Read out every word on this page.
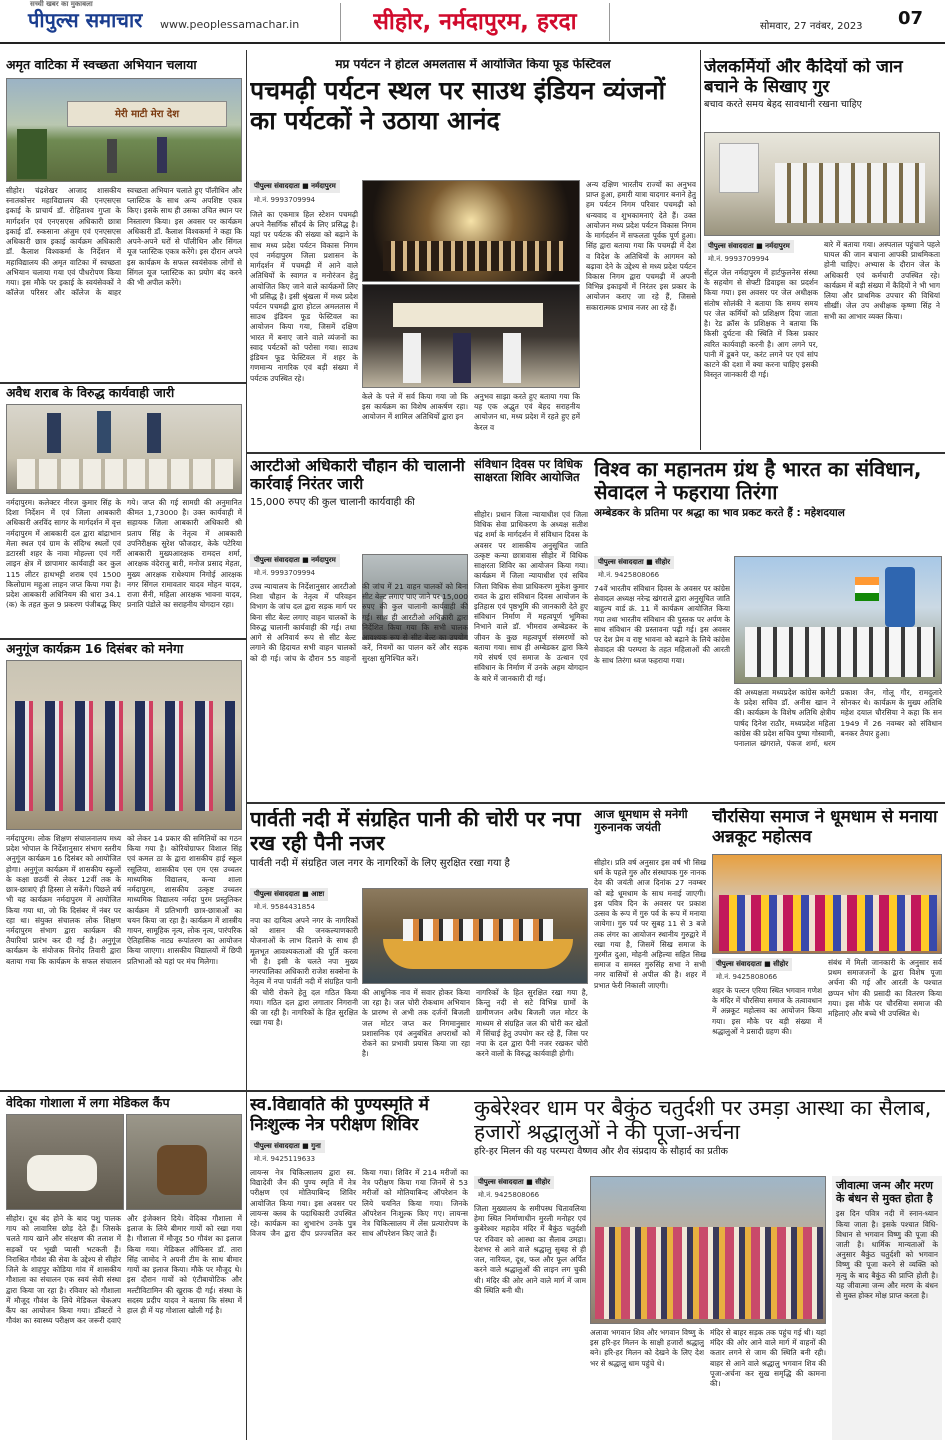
सच्ची खबर का मुकाबला
पीपुल्स समाचार www.peoplessamachar.in	सीहोर, नर्मदापुरम, हरदा	सोमवार, 27 नवंबर, 2023 07
अमृत वाटिका में स्वच्छता अभियान चलाया
मेरी माटी मेरा देश
सीहोर। चंद्रशेखर आजाद शासकीय स्नातकोत्तर महाविद्यालय की एनएसएस इकाई के प्राचार्य डॉ. रोहिताश्व गुप्ता के मार्गदर्शन एवं एनएसएस अधिकारी छात्रा इकाई डॉ. रुकसाना अंजुम एवं एनएसएस अधिकारी छात्र इकाई कार्यक्रम अधिकारी डॉ. कैलाश विश्वकर्मा के निर्देशन में महाविद्यालय की अमृत वाटिका में स्वच्छता अभियान चलाया गया एवं पौधरोपण किया गया। इस मौके पर इकाई के स्वयंसेवकों ने कॉलेज परिसर और कॉलेज के बाहर स्वच्छता अभियान चलाते हुए पॉलीथिन और प्लास्टिक के साथ अन्य अपशिष्ट एकत्र किए। इसके साथ ही उसका उचित स्थान पर निस्तारण किया। इस अवसर पर कार्यक्रम अधिकारी डॉ. कैलाश विश्वकर्मा ने कहा कि अपने-अपने घरों से पॉलीथिन और सिंगल यूज प्लास्टिक एकत्र करेंगे। इस दौरान अपने इस कार्यक्रम के सफल स्वयंसेवक लोगों से सिंगल यूज प्लास्टिक का प्रयोग बंद करने की भी अपील करेंगे।
अवैध शराब के विरुद्ध कार्यवाही जारी
नर्मदापुरम। कलेक्टर नीरज कुमार सिंह के दिशा निर्देशन में एवं जिला आबकारी अधिकारी अरविंद सागर के मार्गदर्शन में वृत्त नर्मदापुरम में आबकारी दल द्वारा बांद्राभान मेला स्थल एवं ग्राम के संदिग्ध स्थलों एवं डटारसी शहर के नावा मोहल्ला एवं गर्री लाइन क्षेत्र में छापामार कार्यवाही कर कुल 115 लीटर हाथभट्टी शराब एवं 1500 किलोग्राम महुआ लाहन जप्त किया गया है। प्रदेश आबकारी अधिनियम की धारा 34.1 (क) के तहत कुल 9 प्रकरण पंजीबद्ध किए गये। जप्त की गई सामग्री की अनुमानित कीमत 1,73000 है। उक्त कार्यवाही में सहायक जिला आबकारी अधिकारी श्री प्रताप सिंह के नेतृत्व में आबकारी उपनिरीक्षक सुरेश फौजदार, केके पटेरिया आबकारी मुख्यआरक्षक रामदत्त शर्मा, आरक्षक वंदेराजु बारी, मनोज प्रसाद मेहता, मुख्य आरक्षक राधेश्याम निगोई आरक्षक नगर सिंगल रामावतार यादव मोहन यादव, राजा सैनी, महिला आरक्षक भावना यादव, प्रनाति पंडोले का सराहनीय योगदान रहा।
अनुगूंज कार्यक्रम 16 दिसंबर को मनेगा
नर्मदापुरम। लोक शिक्षण संचालनालय मध्य प्रदेश भोपाल के निर्देशानुसार संभाग स्तरीय अनुगूंज कार्यक्रम 16 दिसंबर को आयोजित होगा। अनुगूंज कार्यक्रम में शासकीय स्कूलों के कक्षा छठवीं से लेकर 12वीं तक के छात्र-छात्राएं ही हिस्सा ले सकेंगे। पिछले वर्ष भी यह कार्यक्रम नर्मदापुरम में आयोजित किया गया था, जो कि दिसंबर में नंबर पर रहा था। संयुक्त संचालक लोक शिक्षण नर्मदापुरम संभाग द्वारा कार्यक्रम की तैयारियां प्रारंभ कर दी गई है। अनुगूंज कार्यक्रम के संयोजक विनोद तिवारी द्वारा बताया गया कि कार्यक्रम के सफल संचालन को लेकर 14 प्रकार की समितियों का गठन किया गया है। कोरियोग्राफर विशाल सिंह एवं कमल ठा के द्वारा शासकीय हाई स्कूल रसूलिया, शासकीय एस एम एस उच्चतर माध्यमिक विद्यालय, कन्या शाला नर्मदापुरम, शासकीय उत्कृष्ट उच्चतर माध्यमिक विद्यालय नर्मदा पुरम प्रस्तुतिकर कार्यक्रम में प्रतिभागी छात्र-छात्राओं का चयन किया जा रहा है। कार्यक्रम में शास्त्रीय गायन, सामूहिक नृत्य, लोक नृत्य, पारंपरिक ऐतिहासिक नाट्य रूपांतरण का आयोजन किया जाएगा। शासकीय विद्यालयों में छिपी प्रतिभाओं को यहां पर मंच मिलेगा।
वेदिका गोशाला में लगा मेडिकल कैंप
सीहोर। दूध बंद होने के बाद पशु पालक गाय को लावारिस छोड़ देते हैं। जिसके चलते गाय खाने और संरक्षण की तलाश में सड़कों पर भूखी प्यासी भटकती हैं। निराश्रित गौवंश की सेवा के उद्देश्य से सीहोर जिले के शाहपुर कोडिया गांव में शासकीय गौशाला का संचालन एक स्वयं सेवी संस्था द्वारा किया जा रहा है। रविवार को गौशाला में मौजूद गौवंश के लिये मेडिकल चेकअप कैंप का आयोजन किया गया। डॉक्टरों ने गौवंश का स्वास्थ्य परीक्षण कर जरूरी दवाएं और इंजेक्शन दिये। वेदिका गौशाला में इलाज के लिये बीमार गायों को रखा गया है। गौशाला में मौजूद 50 गौवंश का इलाज किया गया। मेडिकल ऑफिसर डॉ. तारा सिंह जामोद ने अपनी टीम के साथ बीमार गायों का इलाज किया। मौके पर मौजूद थे। इस दौरान गायों को एंटीबायोटिक और मल्टीविटामिन की खुराक दी गई। संस्था के सदस्य प्रदीप यादव ने बताया कि संस्था में हाल ही में यह गोशाला खोली गई है।
मप्र पर्यटन ने होटल अमलतास में आयोजित किया फूड फेस्टिवल
पचमढ़ी पर्यटन स्थल पर साउथ इंडियन व्यंजनों का पर्यटकों ने उठाया आनंद
पीपुल्स संवाददाता ■ नर्मदापुरम
मो.नं. 9993709994
जिले का एकमात्र हिल स्टेशन पचमढ़ी अपने नैसर्गिक सौंदर्य के लिए प्रसिद्ध है। यहां पर पर्यटक की संख्या को बढ़ाने के साथ मध्य प्रदेश पर्यटन विकास निगम एवं नर्मदापुरम जिला प्रशासन के मार्गदर्शन में पचमढ़ी में आने वाले अतिथियों के स्वागत व मनोरंजन हेतु आयोजित किए जाने वाले कार्यक्रमों लिए भी प्रसिद्ध है। इसी श्रृंखला में मध्य प्रदेश पर्यटन पचमढ़ी द्वारा होटल अमलतास में साउथ इंडियन फूड फेस्टिवल का आयोजन किया गया, जिसमें दक्षिण भारत में बनाए जाने वाले व्यंजनों का स्वाद पर्यटकों को परोसा गया। साउथ इंडियन फूड फेस्टिवल में शहर के गणमान्य नागरिक एवं बड़ी संख्या में पर्यटक उपस्थित रहे।
केले के पत्ते में सर्व किया गया जो कि इस कार्यक्रम का विशेष आकर्षण रहा। आयोजन में शामिल अतिथियों द्वारा इन
अनुभव साझा करते हुए बताया गया कि यह एक अद्भुत एवं बेहद सराहनीय आयोजन था, मध्य प्रदेश में रहते हुए हमें केरल व
अन्य दक्षिण भारतीय राज्यों का अनुभव प्राप्त हुआ, हमारी यात्रा यादगार बनाने हेतु हम पर्यटन निगम परिवार पचमढ़ी को धन्यवाद व शुभकामनाएं देते हैं। उक्त आयोजन मध्य प्रदेश पर्यटन विकास निगम के मार्गदर्शन में सफलता पूर्वक पूर्ण हुआ। सिंह द्वारा बताया गया कि पचमढ़ी में देश व विदेश के अतिथियों के आगमन को बढ़ावा देने के उद्देश्य से मध्य प्रदेश पर्यटन विकास निगम द्वारा पचमढ़ी में अपनी विभिन्न इकाइयों में निरंतर इस प्रकार के आयोजन कराए जा रहे हैं, जिससे सकारात्मक प्रभाव नजर आ रहे हैं।
जेलकर्मियों और कैदियों को जान बचाने के सिखाए गुर
बचाव करते समय बेहद सावधानी रखना चाहिए
पीपुल्स संवाददाता ■ नर्मदापुरम
मो.नं. 9993709994
सेंट्रल जेल नर्मदापुरम में हार्टफुलनेस संस्था के सहयोग से सेफ्टी डिवाइस का प्रदर्शन किया गया। इस अवसर पर जेल अधीक्षक संतोष सोलंकी ने बताया कि समय समय पर जेल कर्मियों को प्रशिक्षण दिया जाता है। रेड क्रॉस के प्रशिक्षक ने बताया कि किसी दुर्घटना की स्थिति में किस प्रकार त्वरित कार्यवाही करनी है। आग लगने पर, पानी में डूबने पर, करंट लगने पर एवं सांप काटने की दशा में क्या करना चाहिए इसकी विस्तृत जानकारी दी गई।
बारे में बताया गया। अस्पताल पहुंचाने पहले घायल की जान बचाना आपकी प्राथमिकता होनी चाहिए। अभ्यास के दौरान जेल के अधिकारी एवं कर्मचारी उपस्थित रहे। कार्यक्रम में बड़ी संख्या में कैदियों ने भी भाग लिया और प्राथमिक उपचार की विधियां सीखीं। जेल उप अधीक्षक कृष्णा सिंह ने सभी का आभार व्यक्त किया।
आरटीओ अधिकारी चौहान की चालानी कार्रवाई निरंतर जारी
15,000 रुपए की कुल चालानी कार्यवाही की
पीपुल्स संवाददाता ■ नर्मदापुरम
मो.नं. 9993709994
उच्च न्यायालय के निर्देशानुसार आरटीओ निशा चौहान के नेतृत्व में परिवहन विभाग के जांच दल द्वारा सड़क मार्ग पर बिना सीट बेल्ट लगाए वाहन चालकों के विरुद्ध चालानी कार्यवाही की गई। तथा आगे से अनिवार्य रूप से सीट बेल्ट लगाने की हिदायत सभी वाहन चालकों को दी गई। जांच के दौरान 55 वाहनों की जांच में 21 वाहन चालकों को बिना सीट बेल्ट लगाए पाए जाने पर 15,000 रुपए की कुल चालानी कार्यवाही की गई। साथ ही आरटीओ अधिकारी द्वारा निर्देशित किया गया कि सभी चालक आवश्यक रूप से सीट बेल्ट का उपयोग करें, नियमों का पालन करें और सड़क सुरक्षा सुनिश्चित करें।
संविधान दिवस पर विधिक साक्षरता शिविर आयोजित
सीहोर। प्रधान जिला न्यायाधीश एवं जिला विधिक सेवा प्राधिकरण के अध्यक्ष सतीश चंद्र शर्मा के मार्गदर्शन में संविधान दिवस के अवसर पर शासकीय अनुसूचित जाति उत्कृष्ट कन्या छात्रावास सीहोर में विधिक साक्षरता शिविर का आयोजन किया गया। कार्यक्रम में जिला न्यायाधीश एवं सचिव जिला विधिक सेवा प्राधिकरण मुकेश कुमार रावत के द्वारा संविधान दिवस आयोजन के इतिहास एवं पृष्ठभूमि की जानकारी देते हुए संविधान निर्माण में महत्वपूर्ण भूमिका निभाने वाले डॉ. भीमराव अम्बेडकर के जीवन के कुछ महत्वपूर्ण संस्मरणों को बताया गया। साथ ही अम्बेडकर द्वारा किये गये संघर्ष एवं समाज के उत्थान एवं संविधान के निर्माण में उनके अहम योगदान के बारे में जानकारी दी गई।
विश्व का महानतम ग्रंथ है भारत का संविधान, सेवादल ने फहराया तिरंगा
अम्बेडकर के प्रतिमा पर श्रद्धा का भाव प्रकट करते हैं : महेशदयाल
पीपुल्स संवाददाता ■ सीहोर
मो.नं. 9425808066
74वें भारतीय संविधान दिवस के अवसर पर कांग्रेस सेवादल अध्यक्ष नरेन्द्र खंगराले द्वारा अनुसूचित जाति बाहुल्य वार्ड क्रं. 11 में कार्यक्रम आयोजित किया गया तथा भारतीय संविधान की पुस्तक पर अर्पण के साथ संविधान की प्रस्तावना पढ़ी गई। इस अवसर पर देश प्रेम व राष्ट्र भावना को बढ़ाने के लिये कांग्रेस सेवादल की परम्परा के तहत महिलाओं की आरती के साथ तिरंगा ध्वज फहराया गया।
की अध्यक्षता मध्यप्रदेश कांग्रेस कमेटी के प्रदेश सचिव डॉ. अनीस खान ने की। कार्यक्रम के विशेष अतिथि क्षेत्रीय पार्षद दिनेश राठौर, मध्यप्रदेश महिला कांग्रेस की प्रदेश सचिव पुष्पा गोस्वामी, पनालाल खंगराले, पंकज शर्मा, धरम प्रकाश जैन, गोलू गौर, रामदुलारे सोनकर थे। कार्यक्रम के मुख्य अतिथि महेश दयाल चौरसिया ने कहा कि सन 1949 में 26 नवम्बर को संविधान बनकर तैयार हुआ।
पार्वती नदी में संग्रहित पानी की चोरी पर नपा रख रही पैनी नजर
पार्वती नदी में संग्रहित जल नगर के नागरिकों के लिए सुरक्षित रखा गया है
पीपुल्स संवाददाता ■ आष्टा
मो.नं. 9584431854
नपा का दायित्व अपने नगर के नागरिकों को शासन की जनकल्याणकारी योजनाओं के लाभ दिलाने के साथ ही मूलभूत आवश्यकताओं की पूर्ति करना भी है। इसी के चलते नपा मुख्य नगरपालिका अधिकारी राजेश सक्सेना के नेतृत्व में नपा पार्वती नदी में संग्रहित पानी की चोरी रोकने हेतु दल गठित किया गया। गठित दल द्वारा लगातार निगरानी की जा रही है। नागरिकों के हित सुरक्षित रखा गया है।
की आधुनिक नाव में सवार होकर किया जा रहा है। जल चोरी रोकथाम अभियान के प्रारम्भ से अभी तक दर्जनों बिजली जल मोटर जप्त कर निगमानुसार प्रशासनिक एवं अनुबंधित अपराधों को रोकने का प्रभावी प्रयास किया जा रहा है।
नागरिकों के हित सुरक्षित रखा गया है, किन्तु नदी से सटे विभिन्न ग्रामों के ग्रामीणजन अवैध बिजली जल मोटर के माध्यम से संग्रहित जल की चोरी कर खेतों में सिंचाई हेतु उपयोग कर रहे हैं, जिस पर नपा के दल द्वारा पैनी नजर रखकर चोरी करने वालों के विरुद्ध कार्यवाही होगी।
आज धूमधाम से मनेगी गुरुनानक जयंती
सीहोर। प्रति वर्ष अनुसार इस वर्ष भी सिख धर्म के पहले गुरु और संस्थापक गुरु नानक देव की जयंती आज दिनांक 27 नवम्बर को बड़े धूमधाम के साथ मनाई जाएगी। इस पवित्र दिन के अवसर पर प्रकाश उत्सव के रूप में गुरु पर्व के रूप में मनाया जायेगा। गुरु पर्व पर सुबह 11 से 3 बजे तक लंगर का आयोजन स्थानीय गुरुद्वारे में रखा गया है, जिसमें सिख समाज के गुरमीत दुआ, मोहनी अहिल्या सहित सिख समाज व समस्त गुरुसिंह सभा ने सभी नगर वासियों से अपील की है। शहर में प्रभात फेरी निकाली जाएगी।
चौरसिया समाज ने धूमधाम से मनाया अन्नकूट महोत्सव
पीपुल्स संवाददाता ■ सीहोर
मो.नं. 9425808066
शहर के पल्टन एरिया स्थित भगवान गणेश के मंदिर में चौरसिया समाज के तत्वावधान में अन्नकूट महोत्सव का आयोजन किया गया। इस मौके पर बड़ी संख्या में श्रद्धालुओं ने प्रसादी ग्रहण की।
संबंध में मिली जानकारी के अनुसार सर्व प्रथम समाजजनों के द्वारा विशेष पूजा अर्चना की गई और आरती के पश्चात छप्पन भोग की प्रसादी का वितरण किया गया। इस मौके पर चौरसिया समाज की महिलाएं और बच्चे भी उपस्थित थे।
स्व.विद्यावति की पुण्यस्मृति में निःशुल्क नेत्र परीक्षण शिविर
पीपुल्स संवाददाता ■ गुना
मो.नं. 9425119633
लायन्स नेत्र चिकित्सालय द्वारा स्व. विद्यादेवी जैन की पुण्य स्मृति में नेत्र परीक्षण एवं मोतियाबिन्द शिविर आयोजित किया गया। इस अवसर पर लायन्स क्लब के पदाधिकारी उपस्थित रहे। कार्यक्रम का शुभारंभ उनके पुत्र विजय जैन द्वारा दीप प्रज्ज्वलित कर किया गया। शिविर में 214 मरीजों का नेत्र परीक्षण किया गया जिनमें से 53 मरीजों को मोतियाबिन्द ऑपरेशन के लिये चयनित किया गया। जिनके ऑपरेशन निःशुल्क किए गए। लायन्स नेत्र चिकित्सालय में लेंस प्रत्यारोपण के साथ ऑपरेशन किए जाते हैं।
कुबेरेश्वर धाम पर बैकुंठ चतुर्दशी पर उमड़ा आस्था का सैलाब, हजारों श्रद्धालुओं ने की पूजा-अर्चना
हरि-हर मिलन की यह परम्परा वैष्णव और शैव संप्रदाय के सौहार्द का प्रतीक
पीपुल्स संवाददाता ■ सीहोर
मो.नं. 9425808066
जिला मुख्यालय के समीपस्थ चितावलिया हेमा स्थित निर्माणाधीन मुरली मनोहर एवं कुबेरेश्वर महादेव मंदिर में बैकुंठ चतुर्दशी पर रविवार को आस्था का सैलाब उमड़ा। देशभर से आने वाले श्रद्धालु सुबह से ही जल, नारियल, दूध, फल और फूल अर्पित करने वाले श्रद्धालुओं की लाइन लग चुकी थी। मंदिर की ओर आने वाले मार्ग में जाम की स्थिति बनी थी।
अलावा भगवान शिव और भगवान विष्णु के इस हरि-हर मिलन के साक्षी हजारों श्रद्धालु बने। हरि-हर मिलन को देखने के लिए देश भर से श्रद्धालु धाम पहुंचे थे।
मंदिर से बाहर सड़क तक पहुंच गई थी। यहां मंदिर की ओर आने वाले मार्ग में वाहनों की कतार लगने से जाम की स्थिति बनी रही। बाहर से आने वाले श्रद्धालु भगवान शिव की पूजा-अर्चना कर सुख समृद्धि की कामना की।
जीवात्मा जन्म और मरण के बंधन से मुक्त होता है
इस दिन पवित्र नदी में स्नान-ध्यान किया जाता है। इसके पश्चात विधि-विधान से भगवान विष्णु की पूजा की जाती है। धार्मिक मान्यताओं के अनुसार बैकुंठ चतुर्दशी को भगवान विष्णु की पूजा करने से व्यक्ति को मृत्यु के बाद बैकुंठ की प्राप्ति होती है। यह जीवात्मा जन्म और मरण के बंधन से मुक्त होकर मोक्ष प्राप्त करता है।
